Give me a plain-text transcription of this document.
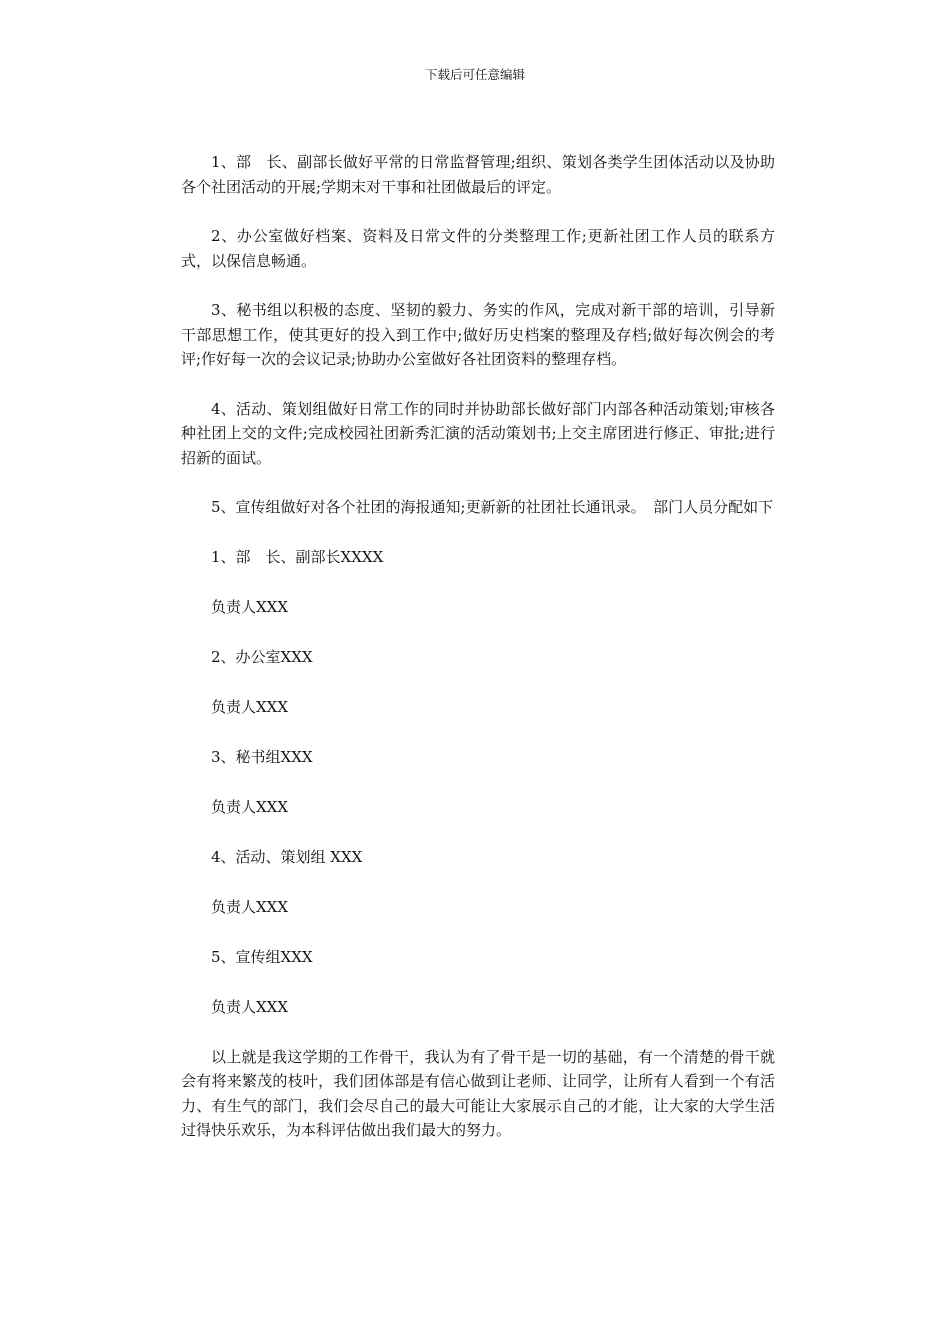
下载后可任意编辑

1、部　长、副部长做好平常的日常监督管理;组织、策划各类学生团体活动以及协助各个社团活动的开展;学期末对干事和社团做最后的评定。

2、办公室做好档案、资料及日常文件的分类整理工作;更新社团工作人员的联系方式，以保信息畅通。

3、秘书组以积极的态度、坚韧的毅力、务实的作风，完成对新干部的培训，引导新干部思想工作，使其更好的投入到工作中;做好历史档案的整理及存档;做好每次例会的考评;作好每一次的会议记录;协助办公室做好各社团资料的整理存档。

4、活动、策划组做好日常工作的同时并协助部长做好部门内部各种活动策划;审核各种社团上交的文件;完成校园社团新秀汇演的活动策划书;上交主席团进行修正、审批;进行招新的面试。

5、宣传组做好对各个社团的海报通知;更新新的社团社长通讯录。　部门人员分配如下

1、部　长、副部长XXXX

负责人XXX

2、办公室XXX

负责人XXX

3、秘书组XXX

负责人XXX

4、活动、策划组 XXX

负责人XXX

5、宣传组XXX

负责人XXX

以上就是我这学期的工作骨干，我认为有了骨干是一切的基础，有一个清楚的骨干就会有将来繁茂的枝叶，我们团体部是有信心做到让老师、让同学，让所有人看到一个有活力、有生气的部门，我们会尽自己的最大可能让大家展示自己的才能，让大家的大学生活过得快乐欢乐，为本科评估做出我们最大的努力。
